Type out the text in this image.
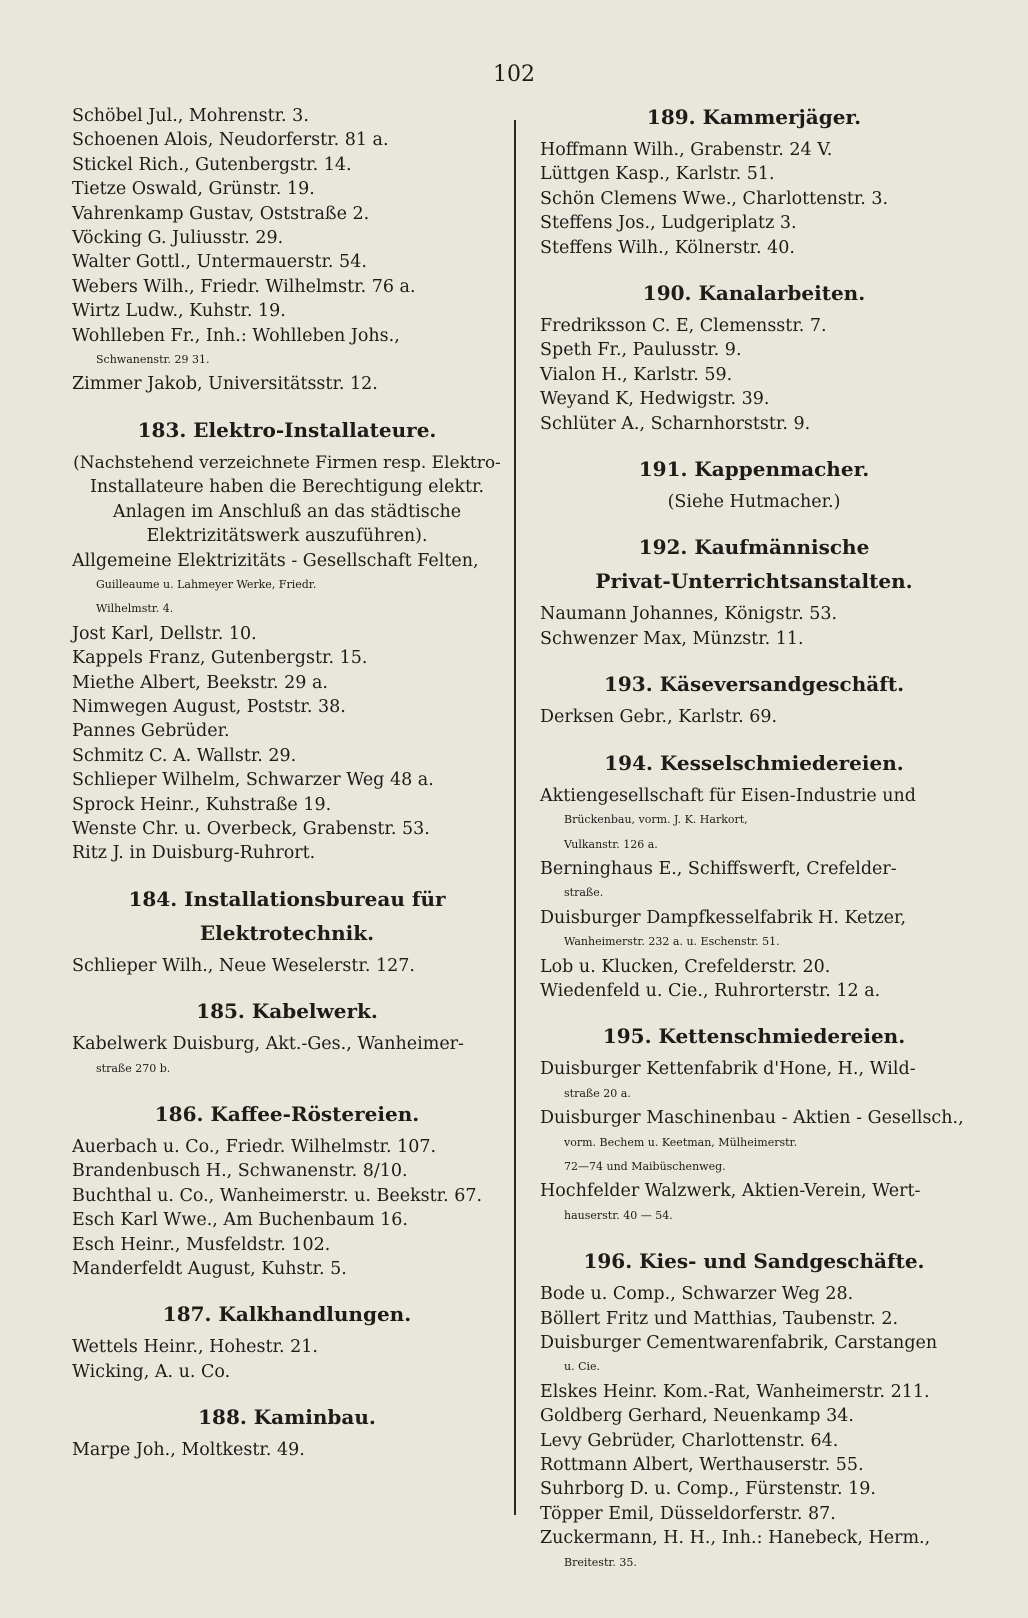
102
Schöbel Jul., Mohrenstr. 3.
Schoenen Alois, Neudorferstr. 81 a.
Stickel Rich., Gutenbergstr. 14.
Tietze Oswald, Grünstr. 19.
Vahrenkamp Gustav, Oststraße 2.
Vöcking G. Juliusstr. 29.
Walter Gottl., Untermauerstr. 54.
Webers Wilh., Friedr. Wilhelmstr. 76 a.
Wirtz Ludw., Kuhstr. 19.
Wohlleben Fr., Inh.: Wohlleben Johs.,
Schwanenstr. 29 31.
Zimmer Jakob, Universitätsstr. 12.
183. Elektro-Installateure.
(Nachstehend verzeichnete Firmen resp. Elektro-
Installateure haben die Berechtigung elektr.
Anlagen im Anschluß an das städtische
Elektrizitätswerk auszuführen).
Allgemeine Elektrizitäts - Gesellschaft Felten,
Guilleaume u. Lahmeyer Werke, Friedr.
Wilhelmstr. 4.
Jost Karl, Dellstr. 10.
Kappels Franz, Gutenbergstr. 15.
Miethe Albert, Beekstr. 29 a.
Nimwegen August, Poststr. 38.
Pannes Gebrüder.
Schmitz C. A. Wallstr. 29.
Schlieper Wilhelm, Schwarzer Weg 48 a.
Sprock Heinr., Kuhstraße 19.
Wenste Chr. u. Overbeck, Grabenstr. 53.
Ritz J. in Duisburg-Ruhrort.
184. Installationsbureau für
Elektrotechnik.
Schlieper Wilh., Neue Weselerstr. 127.
185. Kabelwerk.
Kabelwerk Duisburg, Akt.-Ges., Wanheimer-
straße 270 b.
186. Kaffee-Röstereien.
Auerbach u. Co., Friedr. Wilhelmstr. 107.
Brandenbusch H., Schwanenstr. 8/10.
Buchthal u. Co., Wanheimerstr. u. Beekstr. 67.
Esch Karl Wwe., Am Buchenbaum 16.
Esch Heinr., Musfeldstr. 102.
Manderfeldt August, Kuhstr. 5.
187. Kalkhandlungen.
Wettels Heinr., Hohestr. 21.
Wicking, A. u. Co.
188. Kaminbau.
Marpe Joh., Moltkestr. 49.
189. Kammerjäger.
Hoffmann Wilh., Grabenstr. 24 V.
Lüttgen Kasp., Karlstr. 51.
Schön Clemens Wwe., Charlottenstr. 3.
Steffens Jos., Ludgeriplatz 3.
Steffens Wilh., Kölnerstr. 40.
190. Kanalarbeiten.
Fredriksson C. E, Clemensstr. 7.
Speth Fr., Paulusstr. 9.
Vialon H., Karlstr. 59.
Weyand K, Hedwigstr. 39.
Schlüter A., Scharnhorststr. 9.
191. Kappenmacher.
(Siehe Hutmacher.)
192. Kaufmännische
Privat-Unterrichtsanstalten.
Naumann Johannes, Königstr. 53.
Schwenzer Max, Münzstr. 11.
193. Käseversandgeschäft.
Derksen Gebr., Karlstr. 69.
194. Kesselschmiedereien.
Aktiengesellschaft für Eisen-Industrie und
Brückenbau, vorm. J. K. Harkort,
Vulkanstr. 126 a.
Berninghaus E., Schiffswerft, Crefelder-
straße.
Duisburger Dampfkesselfabrik H. Ketzer,
Wanheimerstr. 232 a. u. Eschenstr. 51.
Lob u. Klucken, Crefelderstr. 20.
Wiedenfeld u. Cie., Ruhrorterstr. 12 a.
195. Kettenschmiedereien.
Duisburger Kettenfabrik d'Hone, H., Wild-
straße 20 a.
Duisburger Maschinenbau - Aktien - Gesellsch.,
vorm. Bechem u. Keetman, Mülheimerstr.
72—74 und Maibüschenweg.
Hochfelder Walzwerk, Aktien-Verein, Wert-
hauserstr. 40 — 54.
196. Kies- und Sandgeschäfte.
Bode u. Comp., Schwarzer Weg 28.
Böllert Fritz und Matthias, Taubenstr. 2.
Duisburger Cementwarenfabrik, Carstangen
u. Cie.
Elskes Heinr. Kom.-Rat, Wanheimerstr. 211.
Goldberg Gerhard, Neuenkamp 34.
Levy Gebrüder, Charlottenstr. 64.
Rottmann Albert, Werthauserstr. 55.
Suhrborg D. u. Comp., Fürstenstr. 19.
Töpper Emil, Düsseldorferstr. 87.
Zuckermann, H. H., Inh.: Hanebeck, Herm.,
Breitestr. 35.
